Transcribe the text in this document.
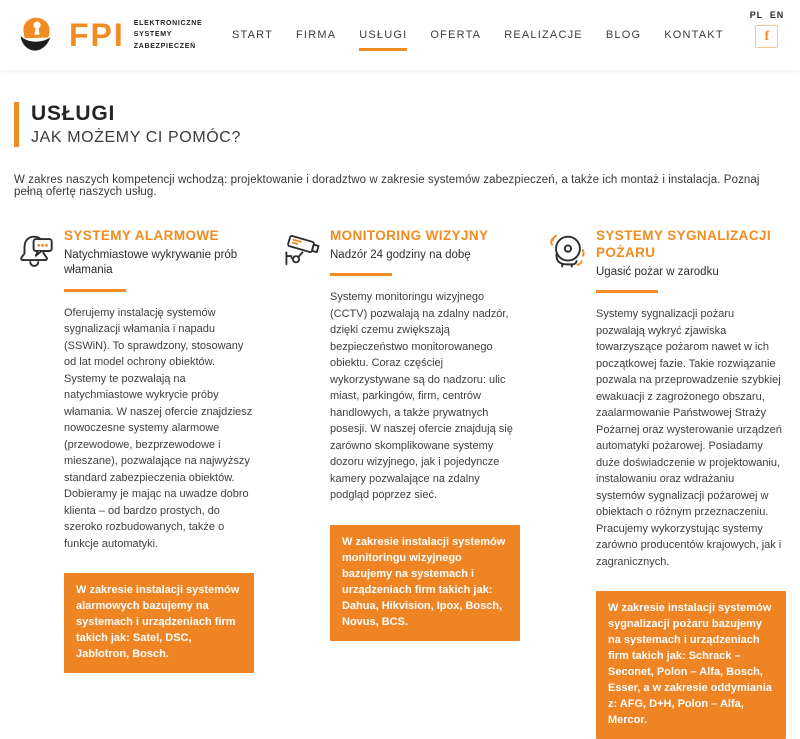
FPI ELEKTRONICZNE
SYSTEMY
ZABEZPIECZEŃ
START FIRMA USŁUGI OFERTA REALIZACJE BLOG KONTAKT
PL EN
f
USŁUGI
JAK MOŻEMY CI POMÓC?

W zakres naszych kompetencji wchodzą: projektowanie i doradztwo w zakresie systemów zabezpieczeń, a także ich montaż i instalacja. Poznaj pełną ofertę naszych usług.

SYSTEMY ALARMOWE
Natychmiastowe wykrywanie prób włamania

Oferujemy instalację systemów sygnalizacji włamania i napadu (SSWiN). To sprawdzony, stosowany od lat model ochrony obiektów. Systemy te pozwalają na natychmiastowe wykrycie próby włamania. W naszej ofercie znajdziesz nowoczesne systemy alarmowe (przewodowe, bezprzewodowe i mieszane), pozwalające na najwyższy standard zabezpieczenia obiektów. Dobieramy je mając na uwadze dobro klienta – od bardzo prostych, do szeroko rozbudowanych, także o funkcje automatyki.

W zakresie instalacji systemów alarmowych bazujemy na systemach i urządzeniach firm takich jak: Satel, DSC, Jablotron, Bosch.
MONITORING WIZYJNY
Nadzór 24 godziny na dobę

Systemy monitoringu wizyjnego (CCTV) pozwalają na zdalny nadzór, dzięki czemu zwiększają bezpieczeństwo monitorowanego obiektu. Coraz częściej wykorzystywane są do nadzoru: ulic miast, parkingów, firm, centrów handlowych, a także prywatnych posesji. W naszej ofercie znajdują się zarówno skomplikowane systemy dozoru wizyjnego, jak i pojedyncze kamery pozwalające na zdalny podgląd poprzez sieć.

W zakresie instalacji systemów monitoringu wizyjnego bazujemy na systemach i urządzeniach firm takich jak: Dahua, Hikvision, Ipox, Bosch, Novus, BCS.
SYSTEMY SYGNALIZACJI POŻARU
Ugasić pożar w zarodku

Systemy sygnalizacji pożaru pozwalają wykryć zjawiska towarzyszące pożarom nawet w ich początkowej fazie. Takie rozwiązanie pozwala na przeprowadzenie szybkiej ewakuacji z zagrożonego obszaru, zaalarmowanie Państwowej Straży Pożarnej oraz wysterowanie urządzeń automatyki pożarowej. Posiadamy duże doświadczenie w projektowaniu, instalowaniu oraz wdrażaniu systemów sygnalizacji pożarowej w obiektach o różnym przeznaczeniu. Pracujemy wykorzystując systemy zarówno producentów krajowych, jak i zagranicznych.

W zakresie instalacji systemów sygnalizacji pożaru bazujemy na systemach i urządzeniach firm takich jak: Schrack – Seconet, Polon – Alfa, Bosch, Esser, a w zakresie oddymiania z: AFG, D+H, Polon – Alfa, Mercor.
